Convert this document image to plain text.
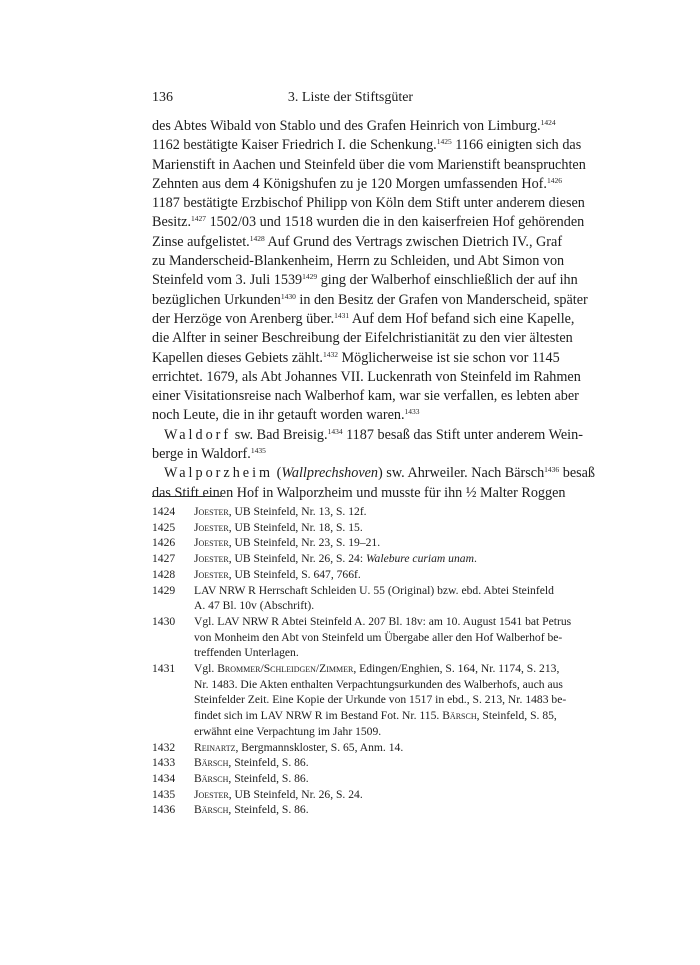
136	3. Liste der Stiftsgüter
des Abtes Wibald von Stablo und des Grafen Heinrich von Limburg.$^{1424}$
1162 bestätigte Kaiser Friedrich I. die Schenkung.$^{1425}$ 1166 einigten sich das
Marienstift in Aachen und Steinfeld über die vom Marienstift beanspruchten
Zehnten aus dem 4 Königshufen zu je 120 Morgen umfassenden Hof.$^{1426}$
1187 bestätigte Erzbischof Philipp von Köln dem Stift unter anderem diesen
Besitz.$^{1427}$ 1502/03 und 1518 wurden die in den kaiserfreien Hof gehörenden
Zinse aufgelistet.$^{1428}$ Auf Grund des Vertrags zwischen Dietrich IV., Graf
zu Manderscheid-Blankenheim, Herrn zu Schleiden, und Abt Simon von
Steinfeld vom 3. Juli $1539^{1429}$ ging der Walberhof einschließlich der auf ihn
bezüglichen Urkunden$^{1430}$ in den Besitz der Grafen von Manderscheid, später
der Herzöge von Arenberg über.$^{1431}$ Auf dem Hof befand sich eine Kapelle,
die Alfter in seiner Beschreibung der Eifelchristianität zu den vier ältesten
Kapellen dieses Gebiets zählt.$^{1432}$ Möglicherweise ist sie schon vor 1145
errichtet. 1679, als Abt Johannes VII. Luckenrath von Steinfeld im Rahmen
einer Visitationsreise nach Walberhof kam, war sie verfallen, es lebten aber
noch Leute, die in ihr getauft worden waren.$^{1433}$
Waldorf sw. Bad Breisig.$^{1434}$ 1187 besaß das Stift unter anderem Wein-
berge in Waldorf.$^{1435}$
Walporzheim (Wallprechshoven) sw. Ahrweiler. Nach Bärsch$^{1436}$ besaß
das Stift einen Hof in Walporzheim und musste für ihn ½ Malter Roggen
1424	Joester, UB Steinfeld, Nr. 13, S. 12f.
1425	Joester, UB Steinfeld, Nr. 18, S. 15.
1426	Joester, UB Steinfeld, Nr. 23, S. 19–21.
1427	Joester, UB Steinfeld, Nr. 26, S. 24: Walebure curiam unam.
1428	Joester, UB Steinfeld, S. 647, 766f.
1429	LAV NRW R Herrschaft Schleiden U. 55 (Original) bzw. ebd. Abtei Steinfeld
A. 47 Bl. 10v (Abschrift).
1430	Vgl. LAV NRW R Abtei Steinfeld A. 207 Bl. 18v: am 10. August 1541 bat Petrus
von Monheim den Abt von Steinfeld um Übergabe aller den Hof Walberhof be-
treffenden Unterlagen.
1431	Vgl. Brommer/Schleidgen/Zimmer, Edingen/Enghien, S. 164, Nr. 1174, S. 213,
Nr. 1483. Die Akten enthalten Verpachtungsurkunden des Walberhofs, auch aus
Steinfelder Zeit. Eine Kopie der Urkunde von 1517 in ebd., S. 213, Nr. 1483 be-
findet sich im LAV NRW R im Bestand Fot. Nr. 115. Bärsch, Steinfeld, S. 85,
erwähnt eine Verpachtung im Jahr 1509.
1432	Reinartz, Bergmannskloster, S. 65, Anm. 14.
1433	Bärsch, Steinfeld, S. 86.
1434	Bärsch, Steinfeld, S. 86.
1435	Joester, UB Steinfeld, Nr. 26, S. 24.
1436	Bärsch, Steinfeld, S. 86.
